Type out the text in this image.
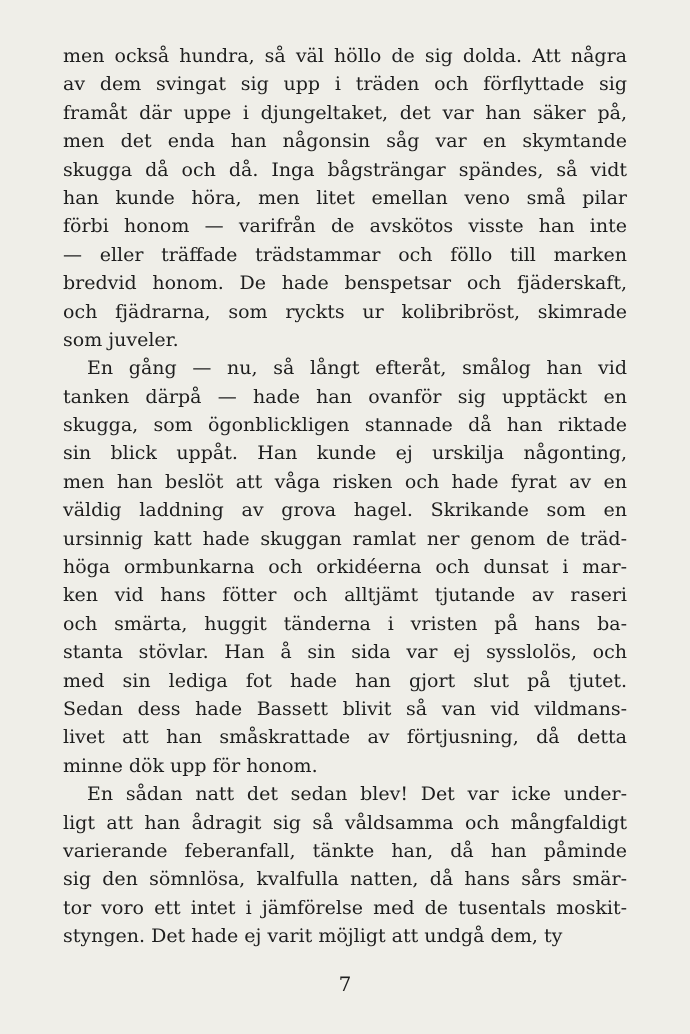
men också hundra, så väl höllo de sig dolda. Att några
av dem svingat sig upp i träden och förflyttade sig
framåt där uppe i djungeltaket, det var han säker på,
men det enda han någonsin såg var en skymtande
skugga då och då. Inga bågsträngar spändes, så vidt
han kunde höra, men litet emellan veno små pilar
förbi honom — varifrån de avskötos visste han inte
— eller träffade trädstammar och föllo till marken
bredvid honom. De hade benspetsar och fjäderskaft,
och fjädrarna, som ryckts ur kolibribröst, skimrade
som juveler.
En gång — nu, så långt efteråt, smålog han vid
tanken därpå — hade han ovanför sig upptäckt en
skugga, som ögonblickligen stannade då han riktade
sin blick uppåt. Han kunde ej urskilja någonting,
men han beslöt att våga risken och hade fyrat av en
väldig laddning av grova hagel. Skrikande som en
ursinnig katt hade skuggan ramlat ner genom de träd-
höga ormbunkarna och orkidéerna och dunsat i mar-
ken vid hans fötter och alltjämt tjutande av raseri
och smärta, huggit tänderna i vristen på hans ba-
stanta stövlar. Han å sin sida var ej sysslolös, och
med sin lediga fot hade han gjort slut på tjutet.
Sedan dess hade Bassett blivit så van vid vildmans-
livet att han småskrattade av förtjusning, då detta
minne dök upp för honom.
En sådan natt det sedan blev! Det var icke under-
ligt att han ådragit sig så våldsamma och mångfaldigt
varierande feberanfall, tänkte han, då han påminde
sig den sömnlösa, kvalfulla natten, då hans sårs smär-
tor voro ett intet i jämförelse med de tusentals moskit-
styngen. Det hade ej varit möjligt att undgå dem, ty
7
